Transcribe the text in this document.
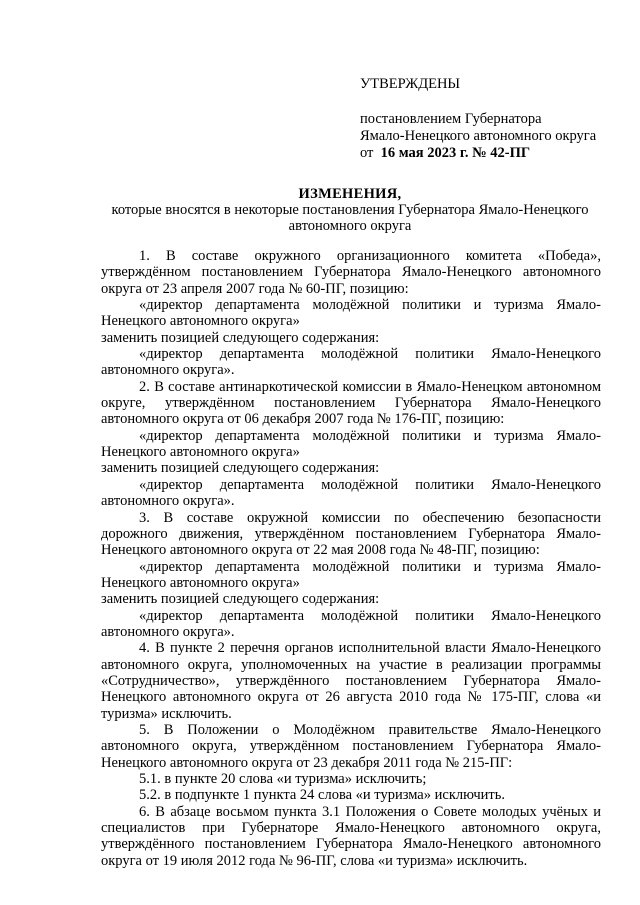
УТВЕРЖДЕНЫ
постановлением Губернатора
Ямало-Ненецкого автономного округа
от 16 мая 2023 г. № 42-ПГ
ИЗМЕНЕНИЯ,
которые вносятся в некоторые постановления Губернатора Ямало-Ненецкого автономного округа

1. В составе окружного организационного комитета «Победа», утверждённом постановлением Губернатора Ямало-Ненецкого автономного округа от 23 апреля 2007 года № 60-ПГ, позицию:

«директор департамента молодёжной политики и туризма Ямало-Ненецкого автономного округа»

заменить позицией следующего содержания:

«директор департамента молодёжной политики Ямало-Ненецкого автономного округа».

2. В составе антинаркотической комиссии в Ямало-Ненецком автономном округе, утверждённом постановлением Губернатора Ямало-Ненецкого автономного округа от 06 декабря 2007 года № 176-ПГ, позицию:

«директор департамента молодёжной политики и туризма Ямало-Ненецкого автономного округа»

заменить позицией следующего содержания:

«директор департамента молодёжной политики Ямало-Ненецкого автономного округа».

3. В составе окружной комиссии по обеспечению безопасности дорожного движения, утверждённом постановлением Губернатора Ямало-Ненецкого автономного округа от 22 мая 2008 года № 48-ПГ, позицию:

«директор департамента молодёжной политики и туризма Ямало-Ненецкого автономного округа»

заменить позицией следующего содержания:

«директор департамента молодёжной политики Ямало-Ненецкого автономного округа».

4. В пункте 2 перечня органов исполнительной власти Ямало-Ненецкого автономного округа, уполномоченных на участие в реализации программы «Сотрудничество», утверждённого постановлением Губернатора Ямало-Ненецкого автономного округа от 26 августа 2010 года № 175-ПГ, слова «и туризма» исключить.

5. В Положении о Молодёжном правительстве Ямало-Ненецкого автономного округа, утверждённом постановлением Губернатора Ямало-Ненецкого автономного округа от 23 декабря 2011 года № 215-ПГ:

5.1. в пункте 20 слова «и туризма» исключить;

5.2. в подпункте 1 пункта 24 слова «и туризма» исключить.

6. В абзаце восьмом пункта 3.1 Положения о Совете молодых учёных и специалистов при Губернаторе Ямало-Ненецкого автономного округа, утверждённого постановлением Губернатора Ямало-Ненецкого автономного округа от 19 июля 2012 года № 96-ПГ, слова «и туризма» исключить.
